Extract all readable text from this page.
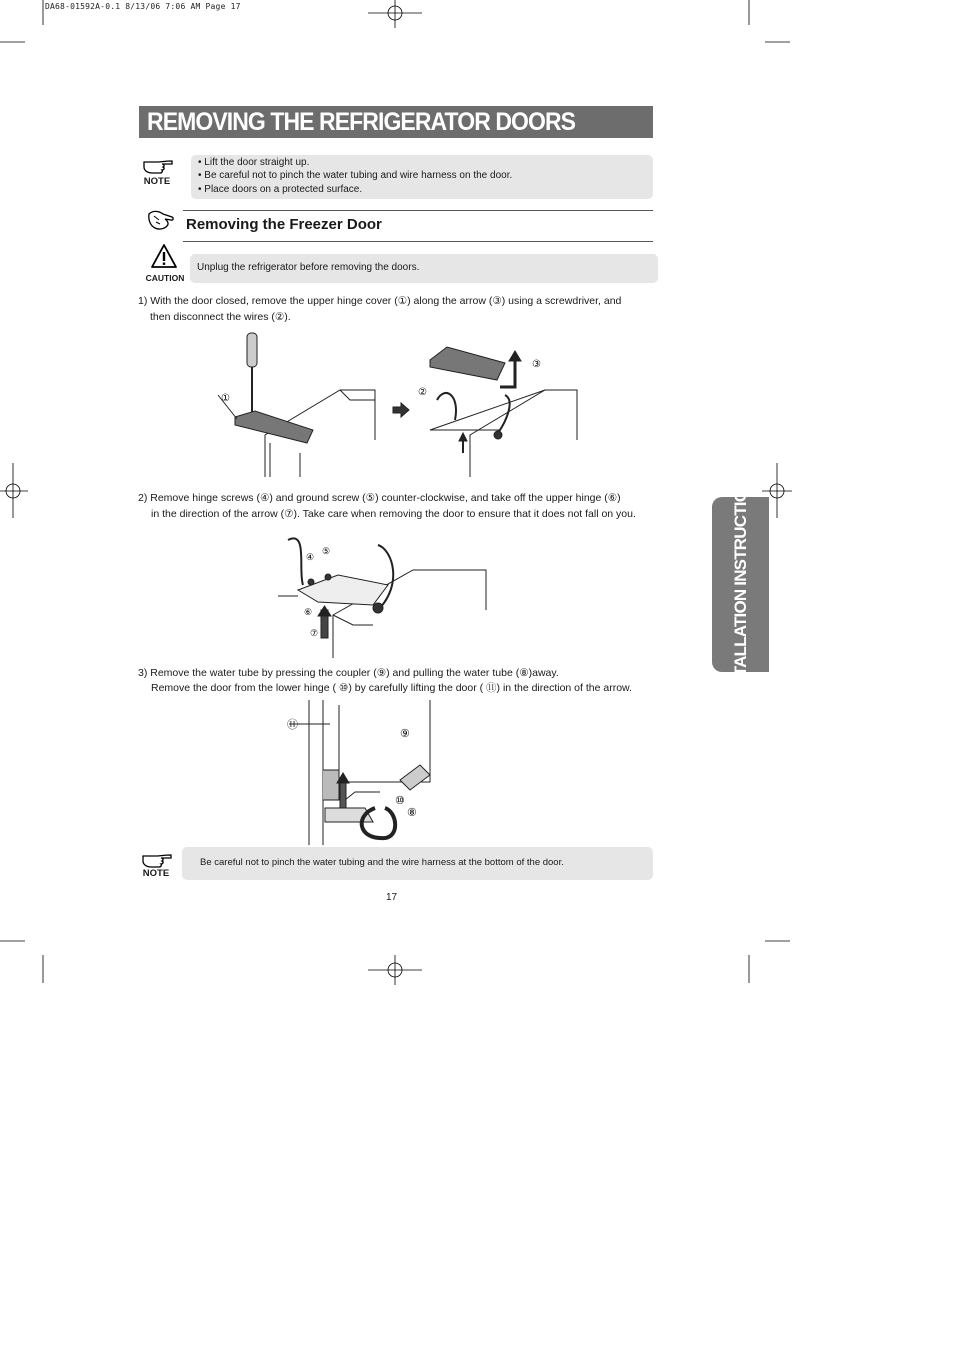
DA68-01592A-0.1 8/13/06 7:06 AM Page 17
REMOVING THE REFRIGERATOR DOORS
NOTE
• Lift the door straight up.
• Be careful not to pinch the water tubing and wire harness on the door.
• Place doors on a protected surface.
Removing the Freezer Door
CAUTION
Unplug the refrigerator before removing the doors.
1) With the door closed, remove the upper hinge cover (①) along the arrow (③) using a screwdriver, and
then disconnect the wires (②).
①
②
③
2) Remove hinge screws (④) and ground screw (⑤) counter-clockwise, and take off the upper hinge (⑥)
in the direction of the arrow (⑦). Take care when removing the door to ensure that it does not fall on you.
④
⑤
⑥
⑦
3) Remove the water tube by pressing the coupler (⑨) and pulling the water tube (⑧)away.
Remove the door from the lower hinge ( ⑩) by carefully lifting the door ( ⑪) in the direction of the arrow.
⑪
⑨
⑩
⑧
NOTE
Be careful not to pinch the water tubing and the wire harness at the bottom of the door.
17
INSTALLATION INSTRUCTIONS
